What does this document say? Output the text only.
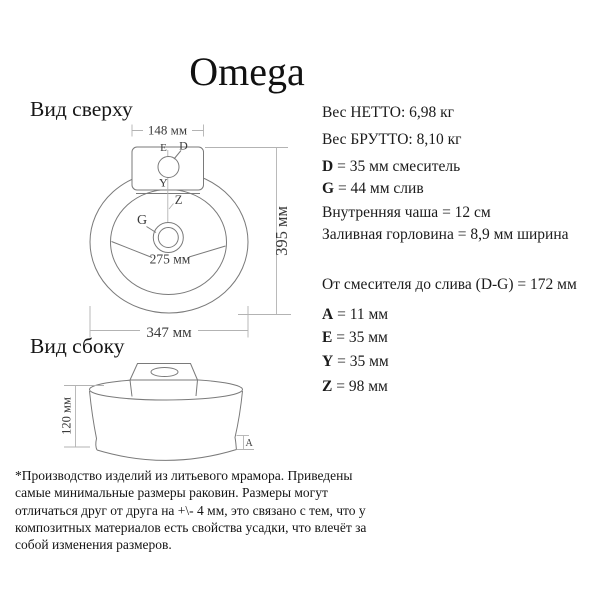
148 мм
347 мм
395 мм
275 мм
E D
Y
Z
G
120 мм
A
Omega
Вид сверху
Вид сбоку
Вес НЕТТО: 6,98 кг
Вес БРУТТО: 8,10 кг
D = 35 мм смеситель
G = 44 мм слив
Внутренняя чаша = 12 см
Заливная горловина = 8,9 мм ширина
От смесителя до слива (D-G) = 172 мм
A = 11 мм
E = 35 мм
Y = 35 мм
Z = 98 мм
*Производство изделий из литьевого мрамора. Приведены
самые минимальные размеры раковин. Размеры могут
отличаться друг от друга на +\- 4 мм, это связано с тем, что у
композитных материалов есть свойства усадки, что влечёт за
собой изменения размеров.
